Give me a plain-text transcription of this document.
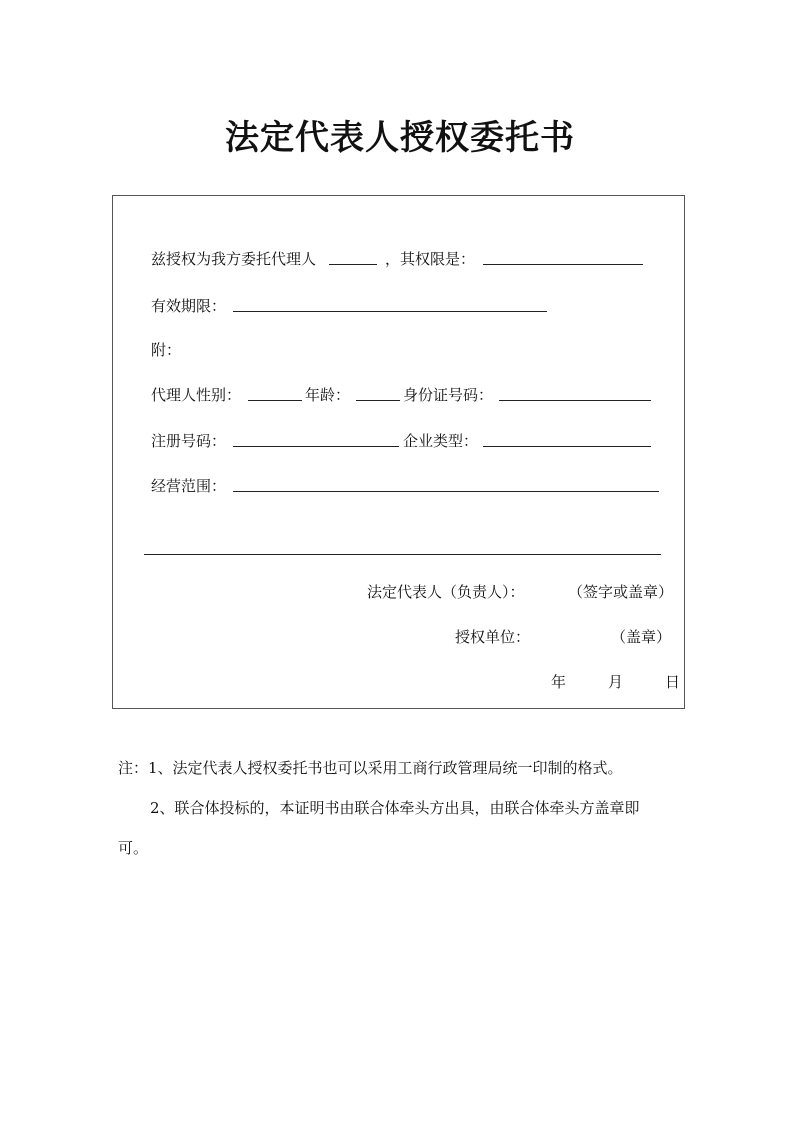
法定代表人授权委托书
兹授权为我方委托代理人	，其权限是：
有效期限：
附：
代理人性别：	年龄：	身份证号码：
注册号码：	企业类型：
经营范围：
法定代表人（负责人）：	（签字或盖章）
授权单位：	（盖章）
年	月	日
注：1、法定代表人授权委托书也可以采用工商行政管理局统一印制的格式。
2、联合体投标的，本证明书由联合体牵头方出具，由联合体牵头方盖章即
可。
